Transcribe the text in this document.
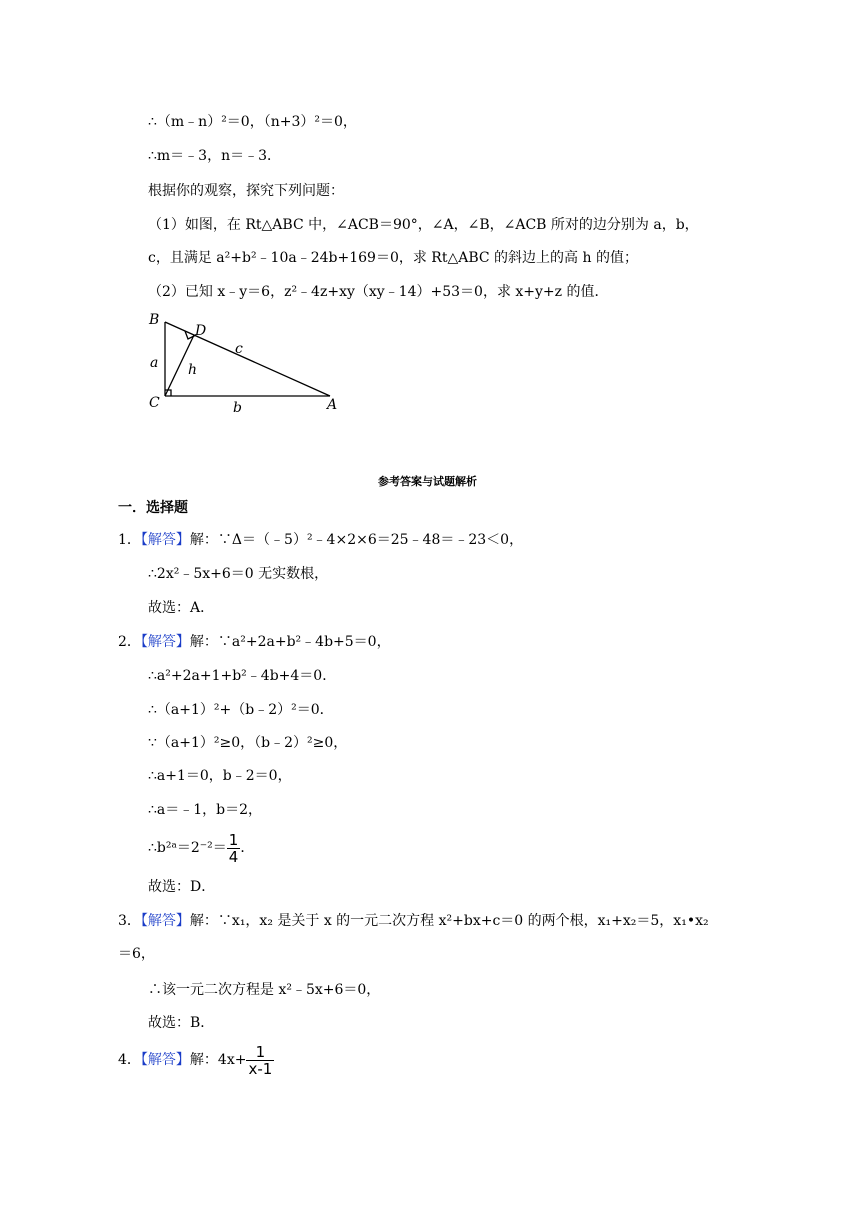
∴（m﹣n）²＝0，（n+3）²＝0，
∴m＝﹣3，n＝﹣3．
根据你的观察，探究下列问题：
（1）如图，在 Rt△ABC 中，∠ACB＝90°，∠A，∠B，∠ACB 所对的边分别为 a，b，
c，且满足 a²+b²﹣10a﹣24b+169＝0，求 Rt△ABC 的斜边上的高 h 的值；
（2）已知 x﹣y＝6，z²﹣4z+xy（xy﹣14）+53＝0，求 x+y+z 的值．
B
D
C	A
a
b
c
h
参考答案与试题解析
一．选择题
1．【解答】解：∵Δ＝（﹣5）²﹣4×2×6＝25﹣48＝﹣23＜0，
∴2x²﹣5x+6＝0 无实数根，
故选：A．
2．【解答】解：∵a²+2a+b²﹣4b+5＝0，
∴a²+2a+1+b²﹣4b+4＝0．
∴（a+1）²+（b﹣2）²＝0．
∵（a+1）²≥0，（b﹣2）²≥0，
∴a+1＝0，b﹣2＝0，
∴a＝﹣1，b＝2，
∴b²ᵃ＝2⁻²＝ $\frac{1}{4}$ ．
故选：D．
3．【解答】解：∵x₁，x₂ 是关于 x 的一元二次方程 x²+bx+c＝0 的两个根，x₁+x₂＝5，x₁•x₂
＝6，
∴该一元二次方程是 x²﹣5x+6＝0，
故选：B．
4．【解答】解：$4x+ \frac{1}{x-1}$
